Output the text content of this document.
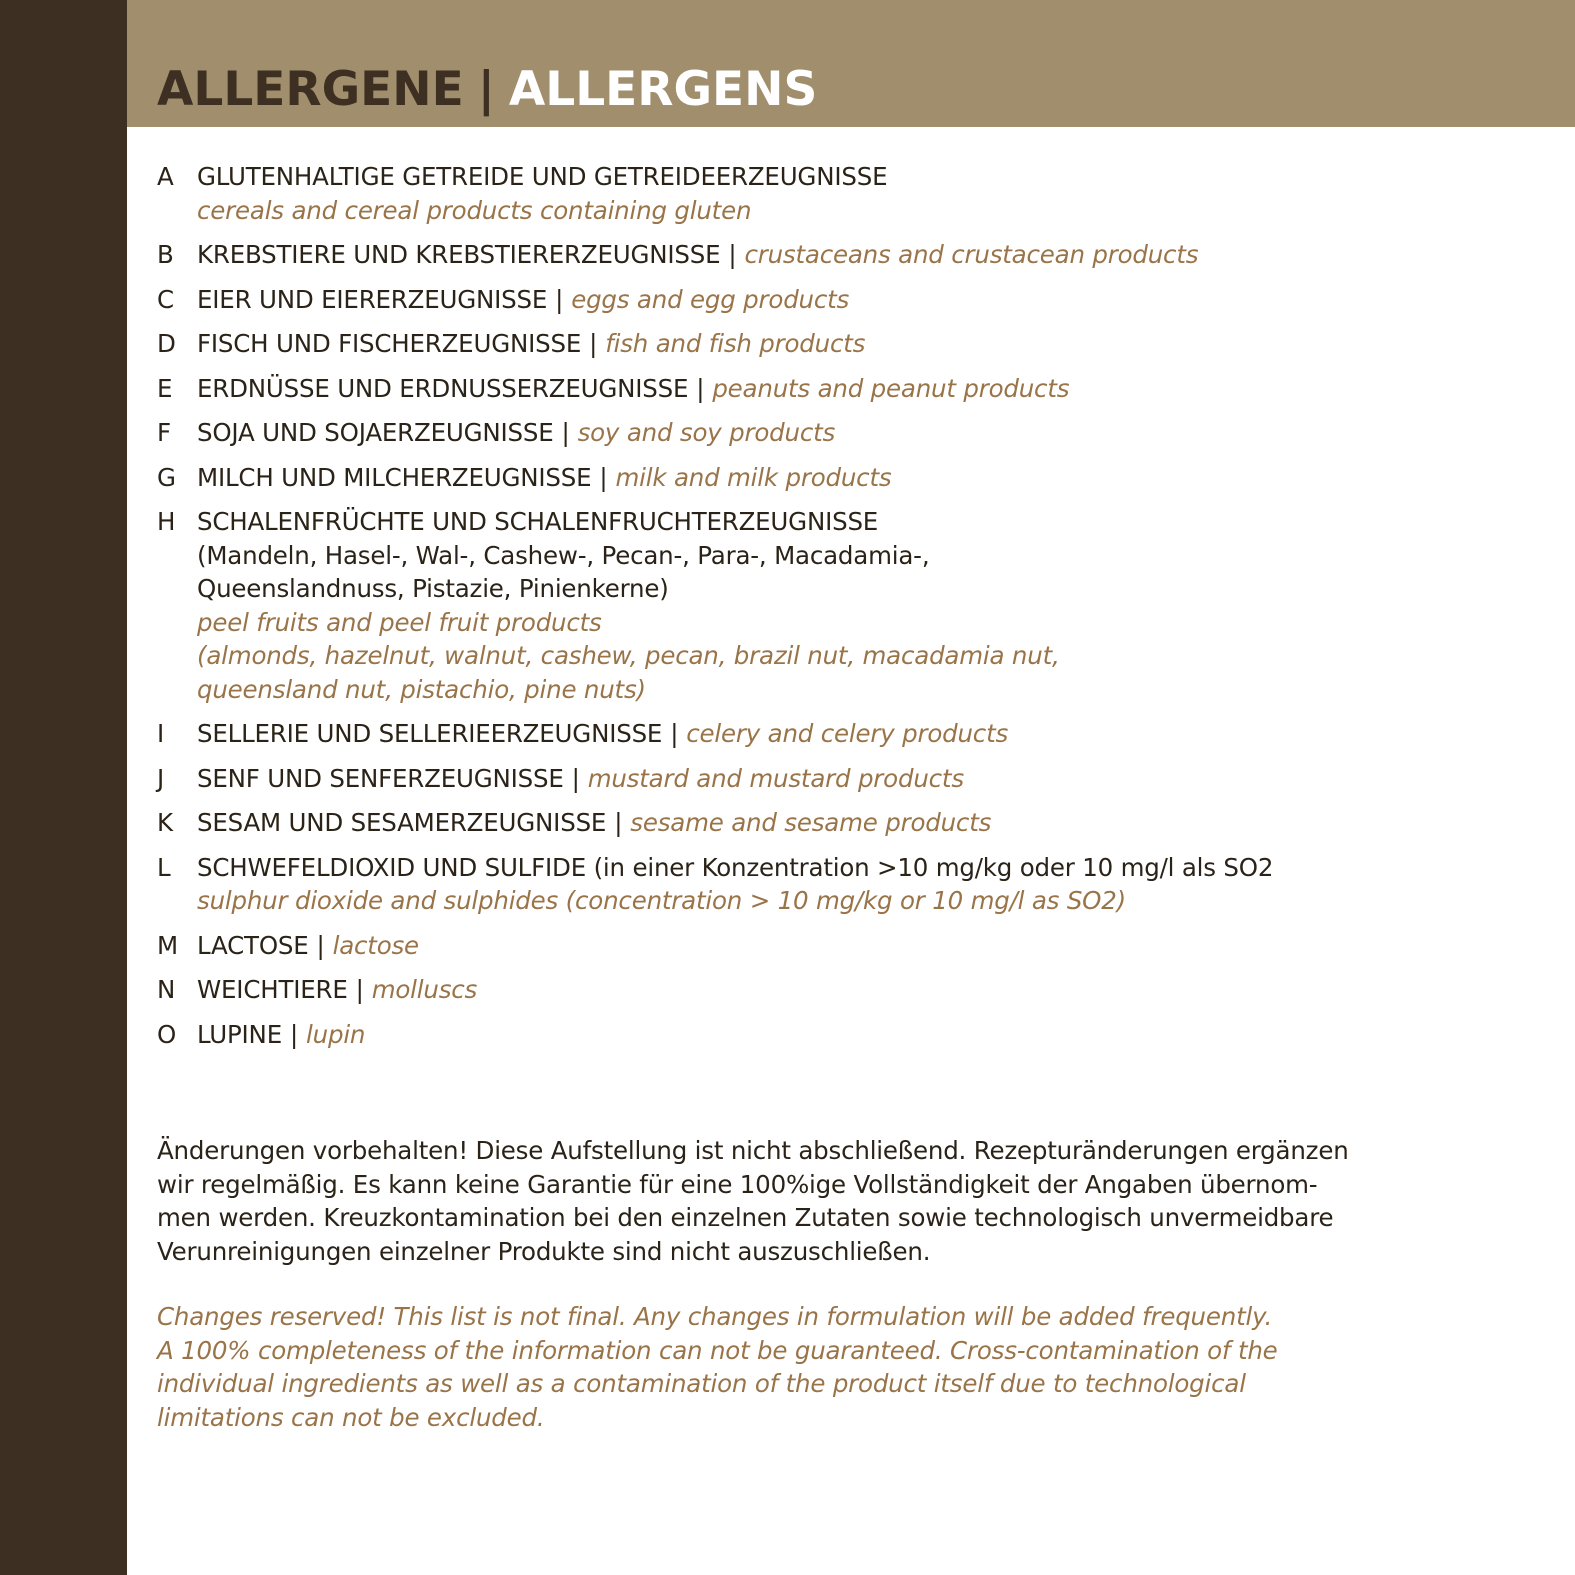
ALLERGENE | ALLERGENS
A GLUTENHALTIGE GETREIDE UND GETREIDEERZEUGNISSE
cereals and cereal products containing gluten
B KREBSTIERE UND KREBSTIERERZEUGNISSE | crustaceans and crustacean products
C EIER UND EIERERZEUGNISSE | eggs and egg products
D FISCH UND FISCHERZEUGNISSE | fish and fish products
E ERDNÜSSE UND ERDNUSSERZEUGNISSE | peanuts and peanut products
F SOJA UND SOJAERZEUGNISSE | soy and soy products
G MILCH UND MILCHERZEUGNISSE | milk and milk products
H SCHALENFRÜCHTE UND SCHALENFRUCHTERZEUGNISSE
(Mandeln, Hasel-, Wal-, Cashew-, Pecan-, Para-, Macadamia-,
Queenslandnuss, Pistazie, Pinienkerne)
peel fruits and peel fruit products
(almonds, hazelnut, walnut, cashew, pecan, brazil nut, macadamia nut,
queensland nut, pistachio, pine nuts)
I SELLERIE UND SELLERIEERZEUGNISSE | celery and celery products
J SENF UND SENFERZEUGNISSE | mustard and mustard products
K SESAM UND SESAMERZEUGNISSE | sesame and sesame products
L SCHWEFELDIOXID UND SULFIDE (in einer Konzentration >10 mg/kg oder 10 mg/l als SO2
sulphur dioxide and sulphides (concentration > 10 mg/kg or 10 mg/l as SO2)
M LACTOSE | lactose
N WEICHTIERE | molluscs
O LUPINE | lupin

Änderungen vorbehalten! Diese Aufstellung ist nicht abschließend. Rezepturänderungen ergänzen
wir regelmäßig. Es kann keine Garantie für eine 100%ige Vollständigkeit der Angaben übernom-
men werden. Kreuzkontamination bei den einzelnen Zutaten sowie technologisch unvermeidbare
Verunreinigungen einzelner Produkte sind nicht auszuschließen.

Changes reserved! This list is not final. Any changes in formulation will be added frequently.
A 100% completeness of the information can not be guaranteed. Cross-contamination of the
individual ingredients as well as a contamination of the product itself due to technological
limitations can not be excluded.
